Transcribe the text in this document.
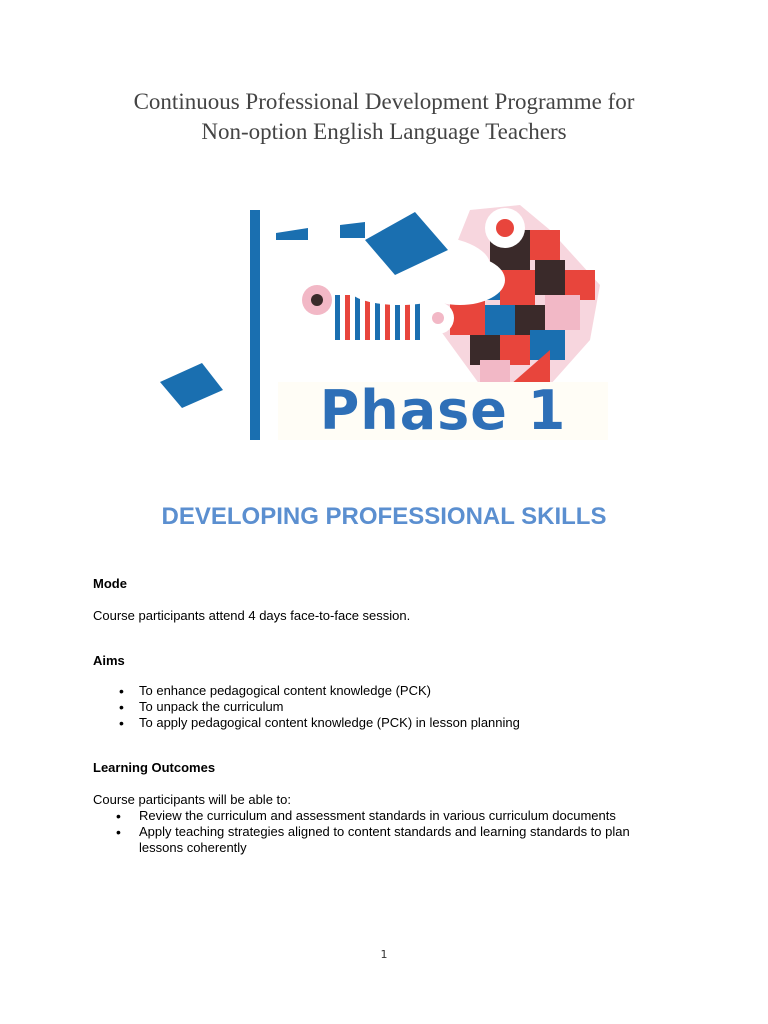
Continuous Professional Development Programme for
Non-option English Language Teachers
Phase 1
DEVELOPING PROFESSIONAL SKILLS
Mode
Course participants attend 4 days face-to-face session.
Aims
• To enhance pedagogical content knowledge (PCK)
• To unpack the curriculum
• To apply pedagogical content knowledge (PCK) in lesson planning
Learning Outcomes
Course participants will be able to:
• Review the curriculum and assessment standards in various curriculum documents
• Apply teaching strategies aligned to content standards and learning standards to plan lessons coherently
1
